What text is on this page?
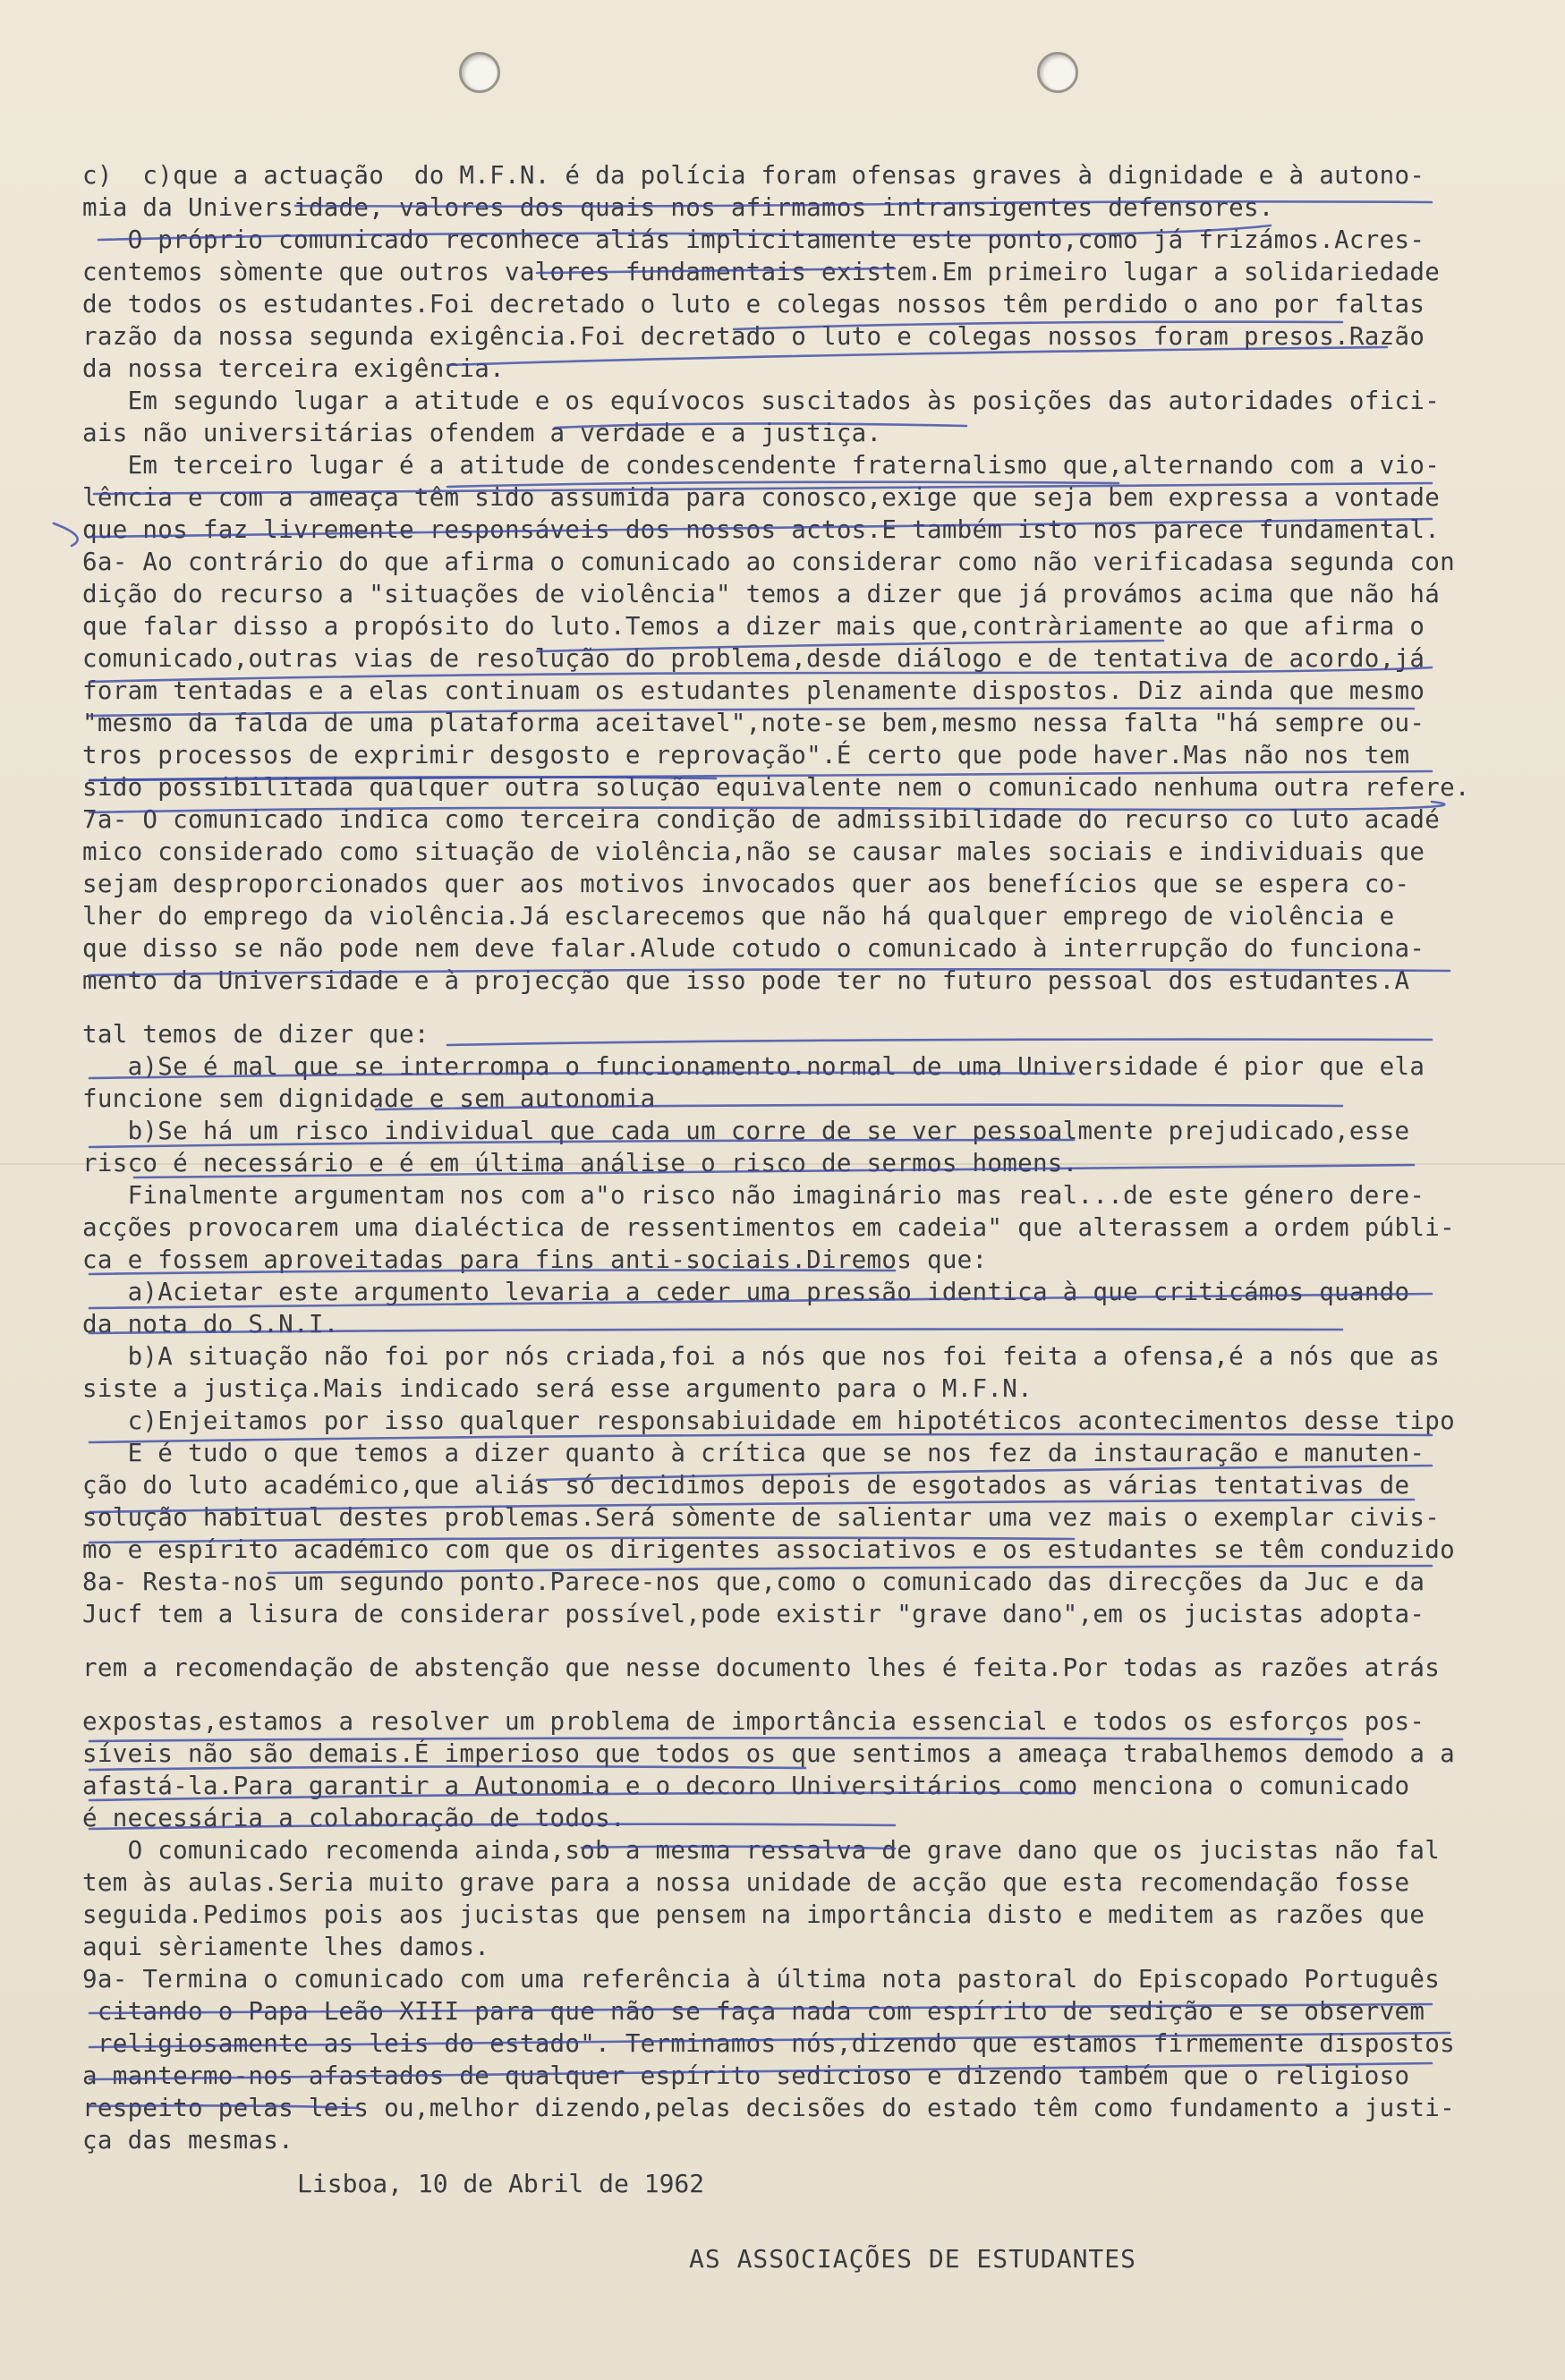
c)  c)que a actuação  do M.F.N. é da polícia foram ofensas graves à dignidade e à autono-
mia da Universidade, valores dos quais nos afirmamos intransigentes defensores.
O próprio comunicado reconhece aliás implicitamente este ponto,como já frizámos.Acres-
centemos sòmente que outros valores fundamentais existem.Em primeiro lugar a solidariedade
de todos os estudantes.Foi decretado o luto e colegas nossos têm perdido o ano por faltas
razão da nossa segunda exigência.Foi decretado o luto e colegas nossos foram presos.Razão
da nossa terceira exigência.
Em segundo lugar a atitude e os equívocos suscitados às posições das autoridades ofici-
ais não universitárias ofendem a verdade e a justiça.
Em terceiro lugar é a atitude de condescendente fraternalismo que,alternando com a vio-
lência e com a ameaça têm sido assumida para conosco,exige que seja bem expressa a vontade
que nos faz livremente responsáveis dos nossos actos.E também isto nos parece fundamental.
6a- Ao contrário do que afirma o comunicado ao considerar como não verificadasa segunda con
dição do recurso a "situações de violência" temos a dizer que já provámos acima que não há
que falar disso a propósito do luto.Temos a dizer mais que,contràriamente ao que afirma o
comunicado,outras vias de resolução do problema,desde diálogo e de tentativa de acordo,já
foram tentadas e a elas continuam os estudantes plenamente dispostos. Diz ainda que mesmo
"mesmo da falda de uma plataforma aceitavel",note-se bem,mesmo nessa falta "há sempre ou-
tros processos de exprimir desgosto e reprovação".É certo que pode haver.Mas não nos tem
sido possibilitada qualquer outra solução equivalente nem o comunicado nenhuma outra refere.
7a- O comunicado indica como terceira condição de admissibilidade do recurso co luto acadé
mico considerado como situação de violência,não se causar males sociais e individuais que
sejam desproporcionados quer aos motivos invocados quer aos benefícios que se espera co-
lher do emprego da violência.Já esclarecemos que não há qualquer emprego de violência e
que disso se não pode nem deve falar.Alude cotudo o comunicado à interrupção do funciona-
mento da Universidade e à projecção que isso pode ter no futuro pessoal dos estudantes.A
tal temos de dizer que:
a)Se é mal que se interrompa o funcionamento.normal de uma Universidade é pior que ela
funcione sem dignidade e sem autonomia
b)Se há um risco individual que cada um corre de se ver pessoalmente prejudicado,esse
risco é necessário e é em última análise o risco de sermos homens.
Finalmente argumentam nos com a"o risco não imaginário mas real...de este género dere-
acções provocarem uma dialéctica de ressentimentos em cadeia" que alterassem a ordem públi-
ca e fossem aproveitadas para fins anti-sociais.Diremos que:
a)Acietar este argumento levaria a ceder uma pressão identica à que criticámos quando
da nota do S.N.I.
b)A situação não foi por nós criada,foi a nós que nos foi feita a ofensa,é a nós que as
siste a justiça.Mais indicado será esse argumento para o M.F.N.
c)Enjeitamos por isso qualquer responsabiuidade em hipotéticos acontecimentos desse tipo
E é tudo o que temos a dizer quanto à crítica que se nos fez da instauração e manuten-
ção do luto académico,que aliás só decidimos depois de esgotados as várias tentativas de
solução habitual destes problemas.Será sòmente de salientar uma vez mais o exemplar civis-
mo e espírito académico com que os dirigentes associativos e os estudantes se têm conduzido
8a- Resta-nos um segundo ponto.Parece-nos que,como o comunicado das direcções da Juc e da
Jucf tem a lisura de considerar possível,pode existir "grave dano",em os jucistas adopta-
rem a recomendação de abstenção que nesse documento lhes é feita.Por todas as razões atrás
expostas,estamos a resolver um problema de importância essencial e todos os esforços pos-
síveis não são demais.É imperioso que todos os que sentimos a ameaça trabalhemos demodo a a
afastá-la.Para garantir a Autonomia e o decoro Universitários como menciona o comunicado
é necessária a colaboração de todos.
O comunicado recomenda ainda,sob a mesma ressalva de grave dano que os jucistas não fal
tem às aulas.Seria muito grave para a nossa unidade de acção que esta recomendação fosse
seguida.Pedimos pois aos jucistas que pensem na importância disto e meditem as razões que
aqui sèriamente lhes damos.
9a- Termina o comunicado com uma referência à última nota pastoral do Episcopado Português
citando o Papa Leão XIII para que não se faça nada com espírito de sedição e se observem
religiosamente as leis do estado". Terminamos nós,dizendo que estamos firmemente dispostos
a mantermo-nos afastados de qualquer espírito sedicioso e dizendo também que o religioso
respeito pelas leis ou,melhor dizendo,pelas decisões do estado têm como fundamento a justi-
ça das mesmas.
Lisboa, 10 de Abril de 1962
AS ASSOCIAÇÕES DE ESTUDANTES
